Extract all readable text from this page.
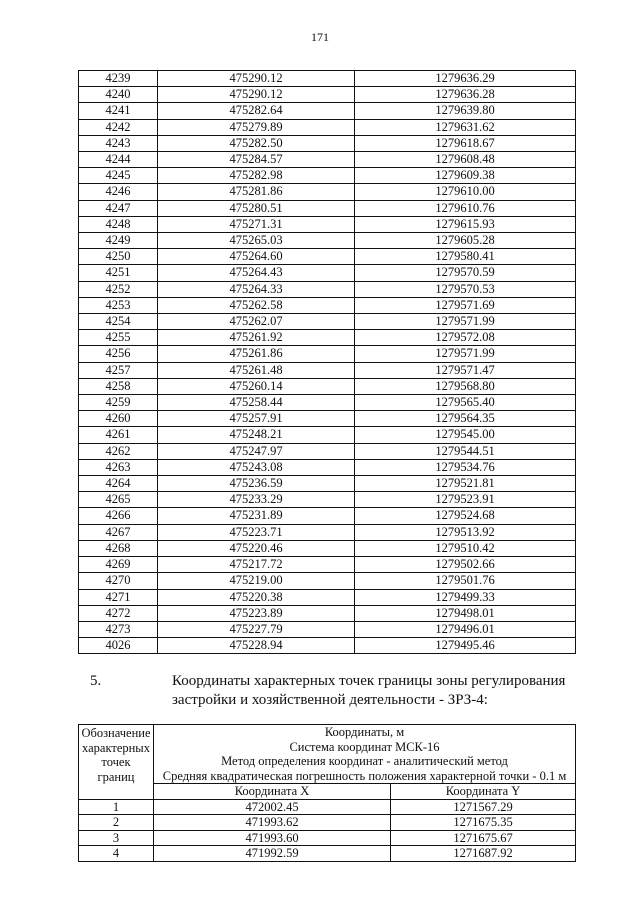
171
4239	475290.12	1279636.29
4240	475290.12	1279636.28
4241	475282.64	1279639.80
4242	475279.89	1279631.62
4243	475282.50	1279618.67
4244	475284.57	1279608.48
4245	475282.98	1279609.38
4246	475281.86	1279610.00
4247	475280.51	1279610.76
4248	475271.31	1279615.93
4249	475265.03	1279605.28
4250	475264.60	1279580.41
4251	475264.43	1279570.59
4252	475264.33	1279570.53
4253	475262.58	1279571.69
4254	475262.07	1279571.99
4255	475261.92	1279572.08
4256	475261.86	1279571.99
4257	475261.48	1279571.47
4258	475260.14	1279568.80
4259	475258.44	1279565.40
4260	475257.91	1279564.35
4261	475248.21	1279545.00
4262	475247.97	1279544.51
4263	475243.08	1279534.76
4264	475236.59	1279521.81
4265	475233.29	1279523.91
4266	475231.89	1279524.68
4267	475223.71	1279513.92
4268	475220.46	1279510.42
4269	475217.72	1279502.66
4270	475219.00	1279501.76
4271	475220.38	1279499.33
4272	475223.89	1279498.01
4273	475227.79	1279496.01
4026	475228.94	1279495.46
5.	Координаты характерных точек границы зоны регулирования застройки и хозяйственной деятельности - ЗРЗ-4:
Обозначение
характерных
точек
границ	Координаты, м
Система координат МСК-16
Метод определения координат - аналитический метод
Средняя квадратическая погрешность положения характерной точки - 0.1 м	

	Координата X	Координата Y
1	472002.45	1271567.29
2	471993.62	1271675.35
3	471993.60	1271675.67
4	471992.59	1271687.92
